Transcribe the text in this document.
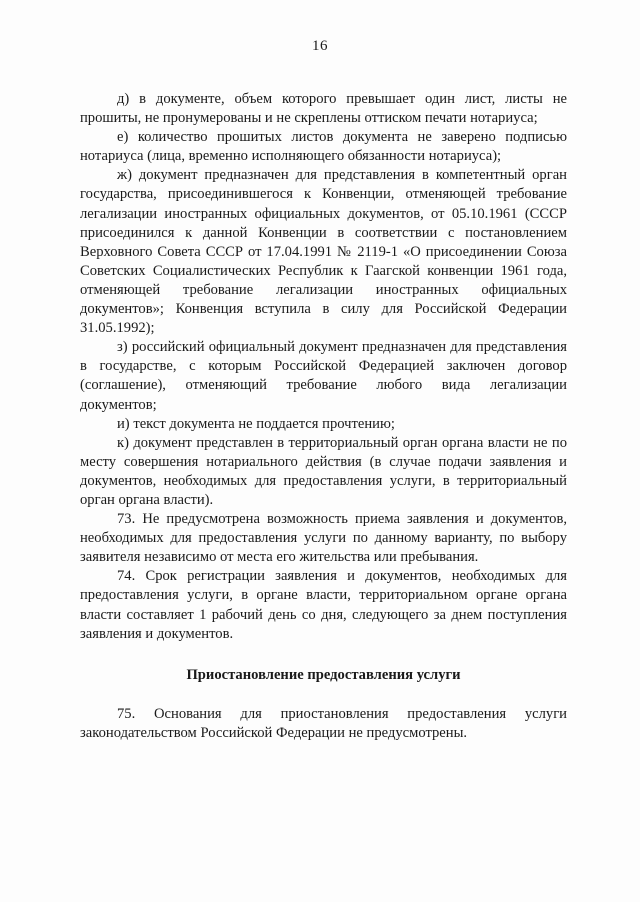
16

д) в документе, объем которого превышает один лист, листы не прошиты, не пронумерованы и не скреплены оттиском печати нотариуса;

е) количество прошитых листов документа не заверено подписью нотариуса (лица, временно исполняющего обязанности нотариуса);

ж) документ предназначен для представления в компетентный орган государства, присоединившегося к Конвенции, отменяющей требование легализации иностранных официальных документов, от 05.10.1961 (СССР присоединился к данной Конвенции в соответствии с постановлением Верховного Совета СССР от 17.04.1991 № 2119-1 «О присоединении Союза Советских Социалистических Республик к Гаагской конвенции 1961 года, отменяющей требование легализации иностранных официальных документов»; Конвенция вступила в силу для Российской Федерации 31.05.1992);

з) российский официальный документ предназначен для представления в государстве, с которым Российской Федерацией заключен договор (соглашение), отменяющий требование любого вида легализации документов;

и) текст документа не поддается прочтению;

к) документ представлен в территориальный орган органа власти не по месту совершения нотариального действия (в случае подачи заявления и документов, необходимых для предоставления услуги, в территориальный орган органа власти).

73. Не предусмотрена возможность приема заявления и документов, необходимых для предоставления услуги по данному варианту, по выбору заявителя независимо от места его жительства или пребывания.

74. Срок регистрации заявления и документов, необходимых для предоставления услуги, в органе власти, территориальном органе органа власти составляет 1 рабочий день со дня, следующего за днем поступления заявления и документов.

Приостановление предоставления услуги

75. Основания для приостановления предоставления услуги законодательством Российской Федерации не предусмотрены.
